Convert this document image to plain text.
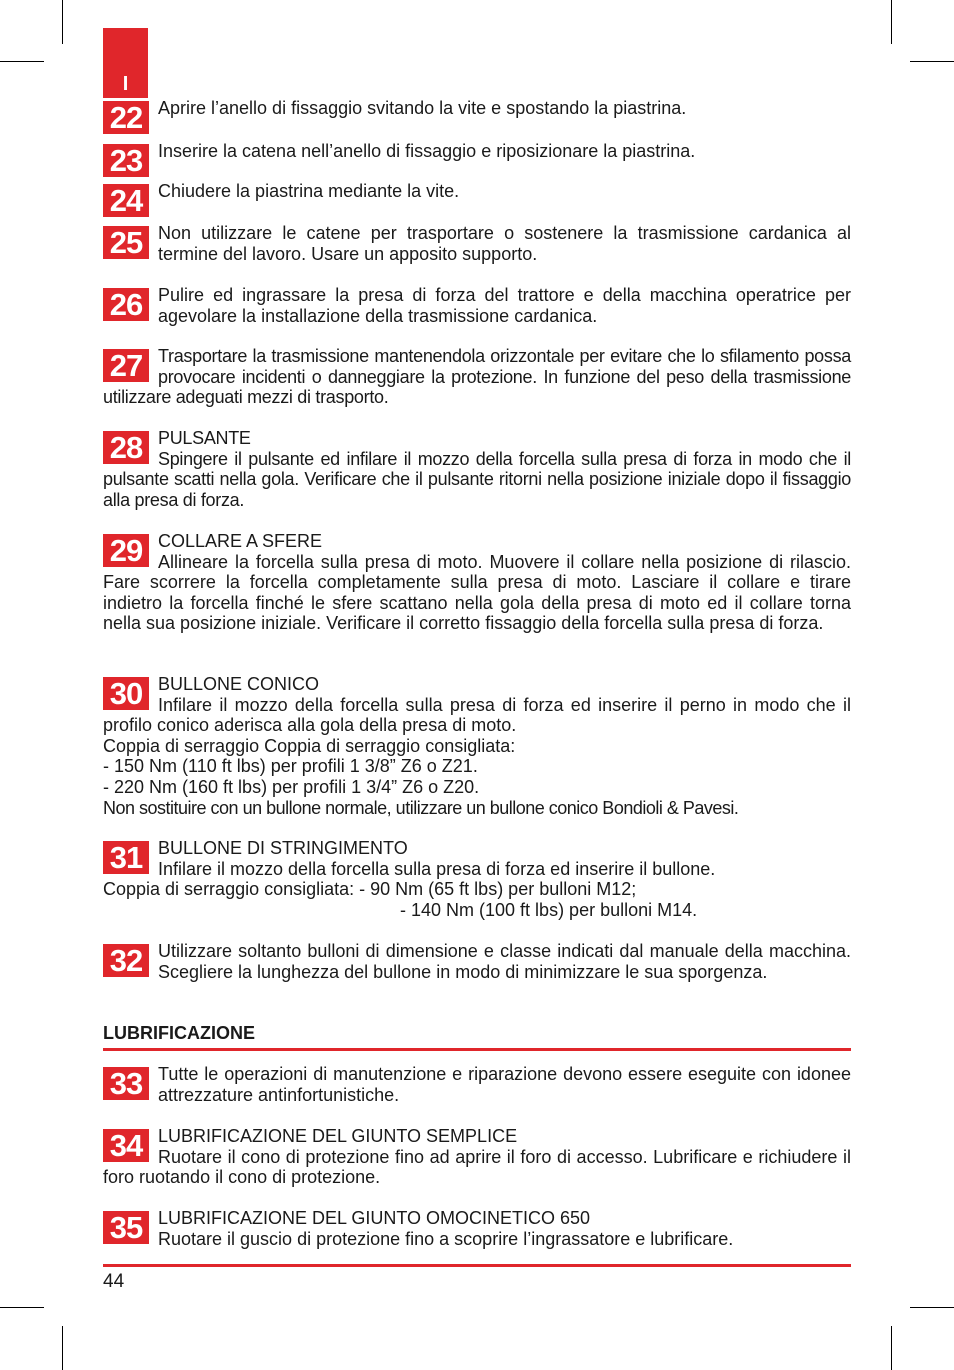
I
22 Aprire l’anello di fissaggio svitando la vite e spostando la piastrina.

23 Inserire la catena nell’anello di fissaggio e riposizionare la piastrina.

24 Chiudere la piastrina mediante la vite.

25 Non utilizzare le catene per trasportare o sostenere la trasmissione cardanica al termine del lavoro. Usare un apposito supporto.

26 Pulire ed ingrassare la presa di forza del trattore e della macchina operatrice per agevolare la installazione della trasmissione cardanica.

27 Trasportare la trasmissione mantenendola orizzontale per evitare che lo sfilamento possa provocare incidenti o danneggiare la protezione. In funzione del peso della trasmissione utilizzare adeguati mezzi di trasporto.

28 PULSANTE

Spingere il pulsante ed infilare il mozzo della forcella sulla presa di forza in modo che il pulsante scatti nella gola. Verificare che il pulsante ritorni nella posizione iniziale dopo il fissaggio alla presa di forza.

29 COLLARE A SFERE

Allineare la forcella sulla presa di moto. Muovere il collare nella posizione di rilascio. Fare scorrere la forcella completamente sulla presa di moto. Lasciare il collare e tirare indietro la forcella finché le sfere scattano nella gola della presa di moto ed il collare torna nella sua posizione iniziale. Verificare il corretto fissaggio della forcella sulla presa di forza.

30 BULLONE CONICO

Infilare il mozzo della forcella sulla presa di forza ed inserire il perno in modo che il profilo conico aderisca alla gola della presa di moto.

Coppia di serraggio Coppia di serraggio consigliata:

- 150 Nm (110 ft lbs) per profili 1 3/8” Z6 o Z21.

- 220 Nm (160 ft lbs) per profili 1 3/4” Z6 o Z20.

Non sostituire con un bullone normale, utilizzare un bullone conico Bondioli & Pavesi.

31 BULLONE DI STRINGIMENTO

Infilare il mozzo della forcella sulla presa di forza ed inserire il bullone.

Coppia di serraggio consigliata: - 90 Nm (65 ft lbs) per bulloni M12;

- 140 Nm (100 ft lbs) per bulloni M14.

32 Utilizzare soltanto bulloni di dimensione e classe indicati dal manuale della macchina. Scegliere la lunghezza del bullone in modo di minimizzare le sua sporgenza.

LUBRIFICAZIONE
33 Tutte le operazioni di manutenzione e riparazione devono essere eseguite con idonee attrezzature antinfortunistiche.

34 LUBRIFICAZIONE DEL GIUNTO SEMPLICE

Ruotare il cono di protezione fino ad aprire il foro di accesso. Lubrificare e richiudere il foro ruotando il cono di protezione.

35 LUBRIFICAZIONE DEL GIUNTO OMOCINETICO 650

Ruotare il guscio di protezione fino a scoprire l’ingrassatore e lubrificare.

44
